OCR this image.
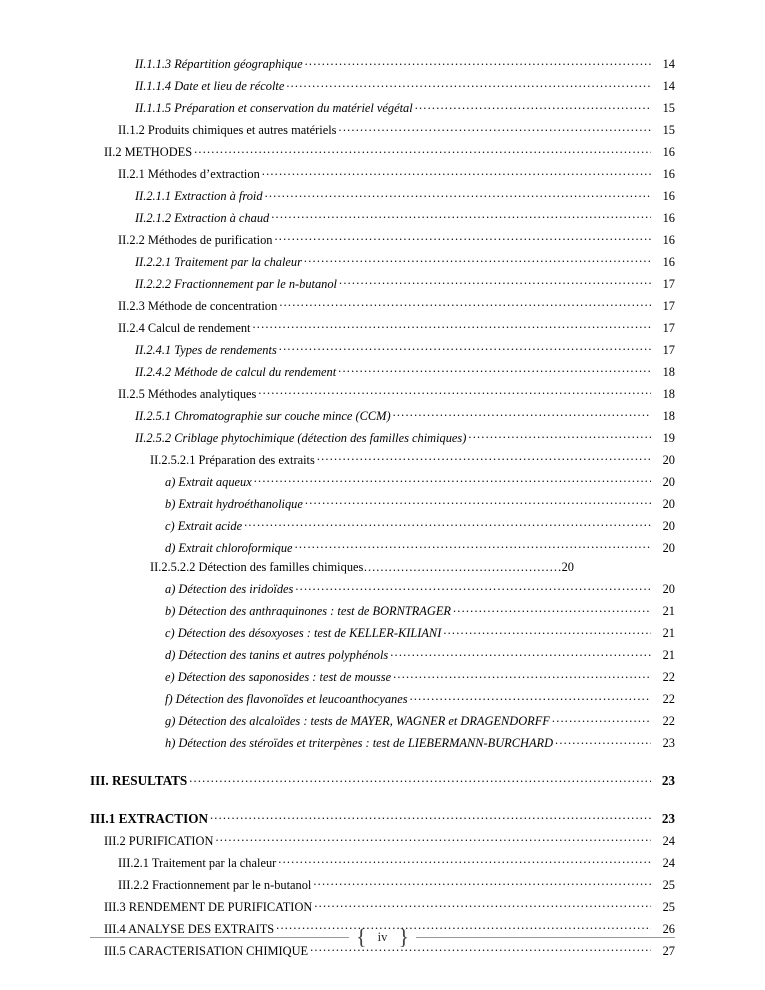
II.1.1.3 Répartition géographique .....	14
II.1.1.4 Date et lieu de récolte .....	14
II.1.1.5 Préparation et conservation du matériel végétal .....	15
II.1.2 Produits chimiques et autres matériels .....	15
II.2 METHODES .....	16
II.2.1 Méthodes d’extraction .....	16
II.2.1.1 Extraction à froid .....	16
II.2.1.2 Extraction à chaud .....	16
II.2.2 Méthodes de purification .....	16
II.2.2.1 Traitement par la chaleur .....	16
II.2.2.2 Fractionnement par le n-butanol .....	17
II.2.3 Méthode de concentration .....	17
II.2.4 Calcul de rendement .....	17
II.2.4.1 Types de rendements .....	17
II.2.4.2 Méthode de calcul du rendement .....	18
II.2.5 Méthodes analytiques .....	18
II.2.5.1 Chromatographie sur couche mince (CCM) .....	18
II.2.5.2 Criblage phytochimique (détection des familles chimiques) .....	19
II.2.5.2.1 Préparation des extraits .....	20
a) Extrait aqueux .....	20
b) Extrait hydroéthanolique .....	20
c) Extrait acide .....	20
d) Extrait chloroformique .....	20
II.2.5.2.2 Détection des familles chimiques…………………………………………20
a) Détection des iridoïdes .....	20
b) Détection des anthraquinones : test de BORNTRAGER .....	21
c) Détection des désoxyoses : test de KELLER-KILIANI .....	21
d) Détection des tanins et autres polyphénols .....	21
e) Détection des saponosides : test de mousse .....	22
f) Détection des flavonoïdes et leucoanthocyanes .....	22
g) Détection des alcaloïdes : tests de MAYER, WAGNER et DRAGENDORFF .....	22
h) Détection des stéroïdes et triterpènes : test de LIEBERMANN-BURCHARD .....	23
III. RESULTATS .....	23
III.1 EXTRACTION .....	23
III.2 PURIFICATION .....	24
III.2.1 Traitement par la chaleur .....	24
III.2.2 Fractionnement par le n-butanol .....	25
III.3 RENDEMENT DE PURIFICATION .....	25
III.4 ANALYSE DES EXTRAITS .....	26
III.5 CARACTERISATION CHIMIQUE .....	27
{ iv }
